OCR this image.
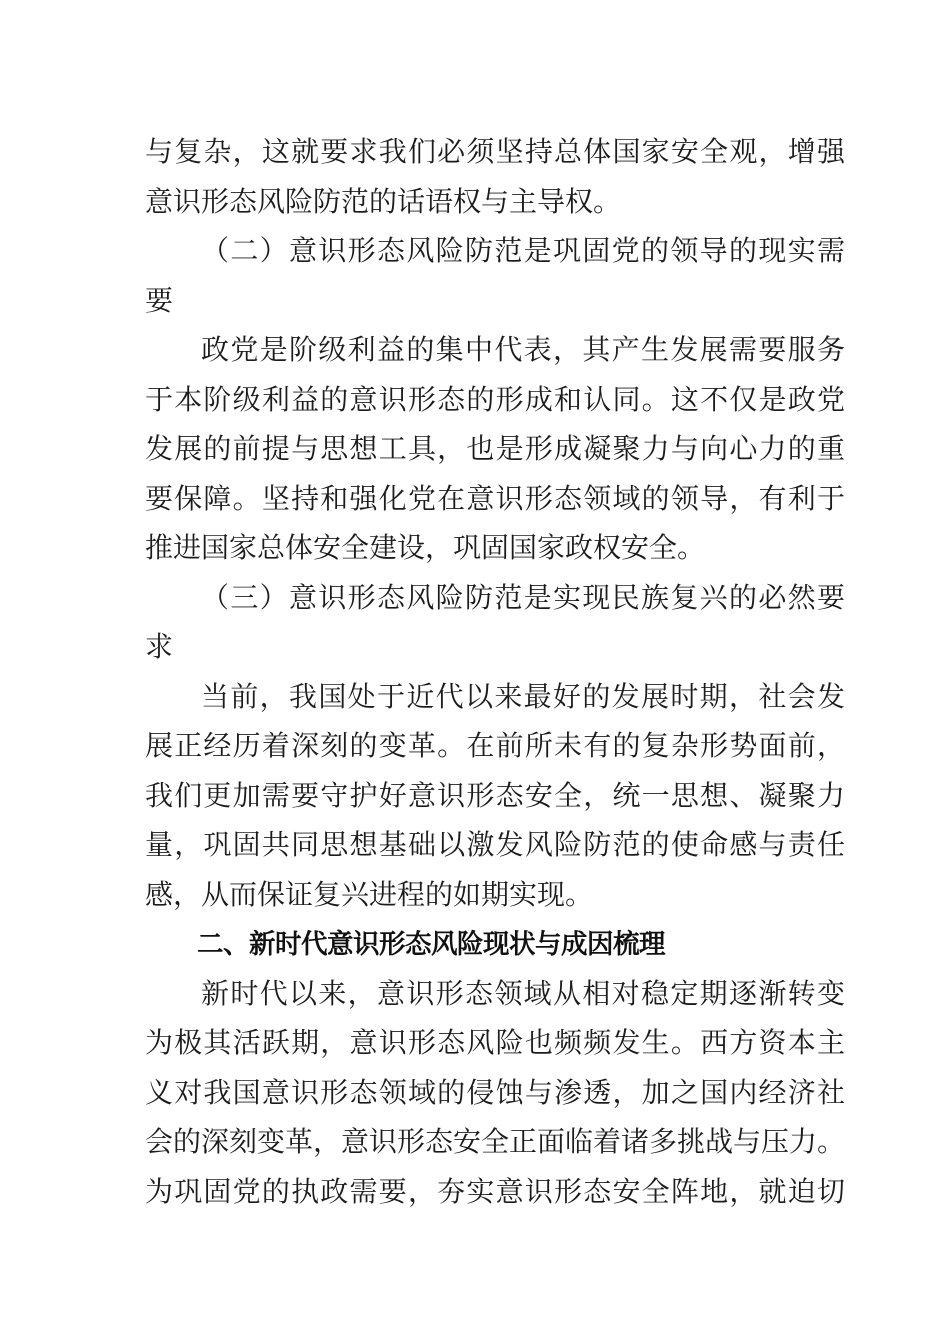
与复杂，这就要求我们必须坚持总体国家安全观，增强
意识形态风险防范的话语权与主导权。
（二）意识形态风险防范是巩固党的领导的现实需
要
政党是阶级利益的集中代表，其产生发展需要服务
于本阶级利益的意识形态的形成和认同。这不仅是政党
发展的前提与思想工具，也是形成凝聚力与向心力的重
要保障。坚持和强化党在意识形态领域的领导，有利于
推进国家总体安全建设，巩固国家政权安全。
（三）意识形态风险防范是实现民族复兴的必然要
求
当前，我国处于近代以来最好的发展时期，社会发
展正经历着深刻的变革。在前所未有的复杂形势面前，
我们更加需要守护好意识形态安全，统一思想、凝聚力
量，巩固共同思想基础以激发风险防范的使命感与责任
感，从而保证复兴进程的如期实现。
二、新时代意识形态风险现状与成因梳理
新时代以来，意识形态领域从相对稳定期逐渐转变
为极其活跃期，意识形态风险也频频发生。西方资本主
义对我国意识形态领域的侵蚀与渗透，加之国内经济社
会的深刻变革，意识形态安全正面临着诸多挑战与压力。
为巩固党的执政需要，夯实意识形态安全阵地，就迫切
